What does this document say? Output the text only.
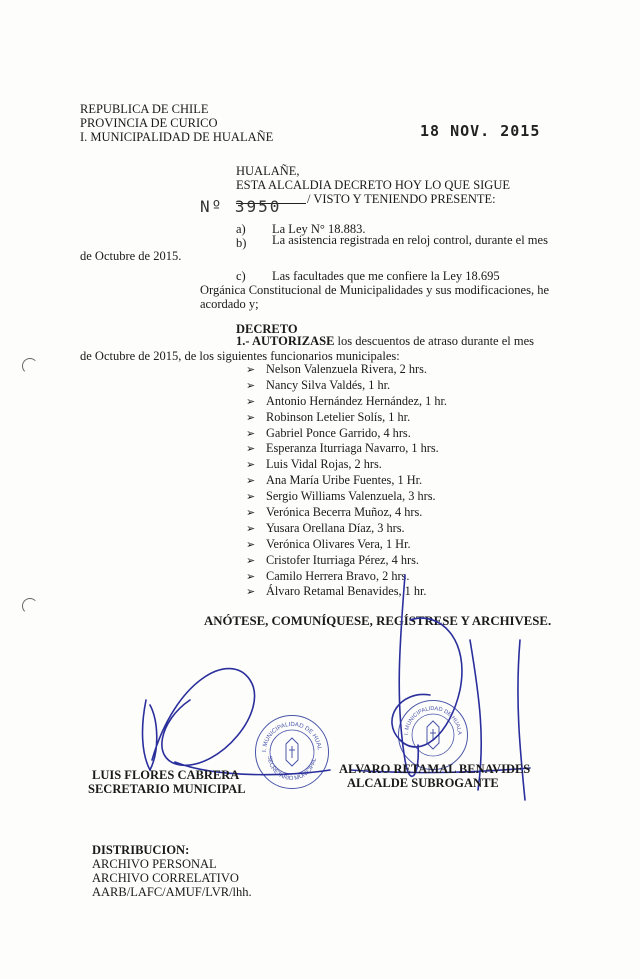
REPUBLICA DE CHILE
PROVINCIA DE CURICO
I. MUNICIPALIDAD DE HUALAÑE	18 NOV. 2015
HUALAÑE,
ESTA ALCALDIA DECRETO HOY LO QUE SIGUE
/ VISTO Y TENIENDO PRESENTE:
Nº 3950
a) La Ley N° 18.883.
b) La asistencia registrada en reloj control, durante el mes
de Octubre de 2015.
c) Las facultades que me confiere la Ley 18.695
Orgánica Constitucional de Municipalidades y sus modificaciones, he
acordado y;
DECRETO
1.- AUTORIZASE los descuentos de atraso durante el mes
de Octubre de 2015, de los siguientes funcionarios municipales:
➢ Nelson Valenzuela Rivera, 2 hrs.
➢ Nancy Silva Valdés, 1 hr.
➢ Antonio Hernández Hernández, 1 hr.
➢ Robinson Letelier Solís, 1 hr.
➢ Gabriel Ponce Garrido, 4 hrs.
➢ Esperanza Iturriaga Navarro, 1 hrs.
➢ Luis Vidal Rojas, 2 hrs.
➢ Ana María Uribe Fuentes, 1 Hr.
➢ Sergio Williams Valenzuela, 3 hrs.
➢ Verónica Becerra Muñoz, 4 hrs.
➢ Yusara Orellana Díaz, 3 hrs.
➢ Verónica Olivares Vera, 1 Hr.
➢ Cristofer Iturriaga Pérez, 4 hrs.
➢ Camilo Herrera Bravo, 2 hrs.
➢ Álvaro Retamal Benavides, 1 hr.
ANÓTESE, COMUNÍQUESE, REGÍSTRESE Y ARCHIVESE.
I. MUNICIPALIDAD DE HUAL
SECRETARIO MUNICIPAL
I. MUNICIPALIDAD DE HUALA
LUIS FLORES CABRERA
SECRETARIO MUNICIPAL
ALVARO RETAMAL BENAVIDES
ALCALDE SUBROGANTE
DISTRIBUCION:
ARCHIVO PERSONAL
ARCHIVO CORRELATIVO
AARB/LAFC/AMUF/LVR/lhh.
